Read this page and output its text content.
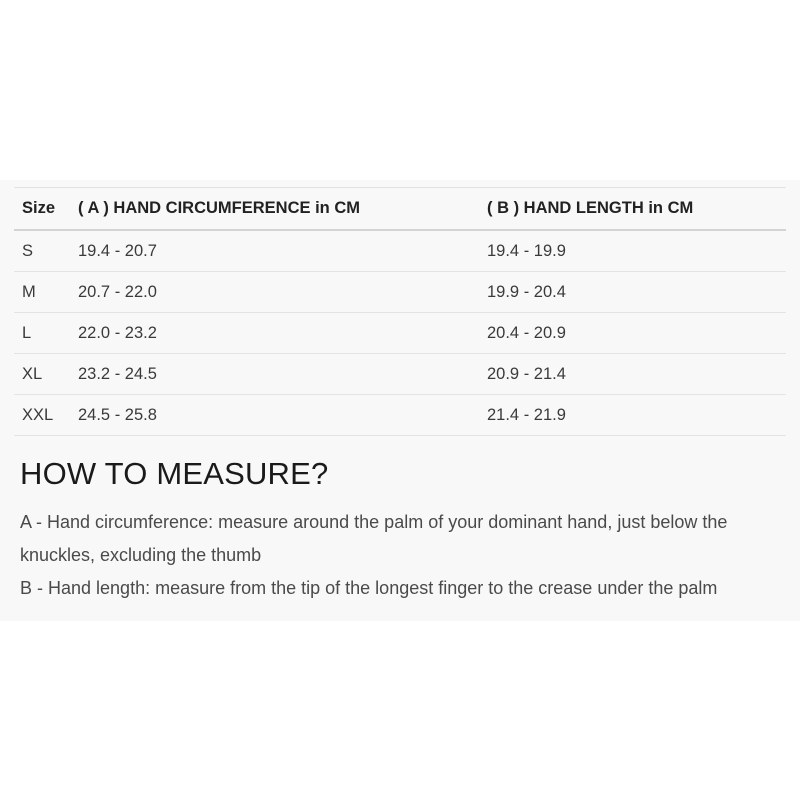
Size	( A ) HAND CIRCUMFERENCE in CM	( B ) HAND LENGTH in CM
S	19.4 - 20.7	19.4 - 19.9
M	20.7 - 22.0	19.9 - 20.4
L	22.0 - 23.2	20.4 - 20.9
XL	23.2 - 24.5	20.9 - 21.4
XXL	24.5 - 25.8	21.4 - 21.9
HOW TO MEASURE?

A - Hand circumference: measure around the palm of your dominant hand, just below the

knuckles, excluding the thumb

B - Hand length: measure from the tip of the longest finger to the crease under the palm
